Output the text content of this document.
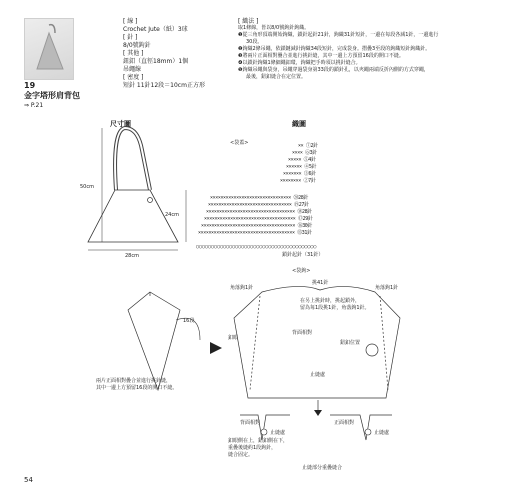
19
金字塔形肩背包
⇒ P.21
[ 線 ]
Crochet Jute（紙）3球
[ 針 ]
8/0號鉤針
[ 其他 ]
鈕釦（直徑18mm）1個
吊繩線
[ 密度 ]
短針 11針12段＝10cm正方形
[ 織法 ]
取1條線，皆以8/0號鉤針鉤織。
❶從三角形頂端開始鉤織，鎖針起針21針，鉤織31針短針，一邊在每段各減1針，一邊進行
30段。
❷鉤織2條吊繩，依鎖鏈減針鉤織34段短針，完成袋身。摺疊3至段的鉤織短針鉤織針。
❸將兩片正面相對疊合並進行挑針縫，其中一邊上方預留16段的開口不縫。
❹以鎖針鉤織1條細繩釦環，鉤織把手時須以挑針縫合。
❺鉤織吊繩與袋身，吊繩穿過袋身第33段的鎖針孔，以夾繩兩端反折內側的方式穿繩，
最後，鈕釦縫合在定位置。
尺寸圖
50cm
24cm
28cm
織圖
<袋蓋>	×× ⑦2針
×××× ⑥3針
××××× ⑤4針
×××××× ④5針
××××××× ③6針
×××××××× ②7針
××××××××××××××××××××××××××××××× ⑳28針
×××××××××××××××××××××××××××××××× ⑲27針
×××××××××××××××××××××××××××××××××× ⑱28針
××××××××××××××××××××××××××××××××××× ⑰29針
×××××××××××××××××××××××××××××××××××× ⑯30針
××××××××××××××××××××××××××××××××××××× ⑮31針
○○○○○○○○○○○○○○○○○○○○○○○○○○○○○○○○○○○○○○○○
鎖針起針（31針）
<袋鉤>
挑41針
角落鉤1針	角落鉤1針
在另上挑針時，挑起鎖外，
留為每1段挑1針，角落鉤1針。
鈕釦位置
背面相對
釦眼
止縫處
16段
兩片正面相對疊合並進行挑針縫，
其中一邊上方預留16段的開口不縫。
背面相對	正面相對
止縫處	止縫處
釦眼側在上，鈕釦側在下，
重疊後縫約1段鉤針，
縫合固定。
止縫部分重疊縫合
54
